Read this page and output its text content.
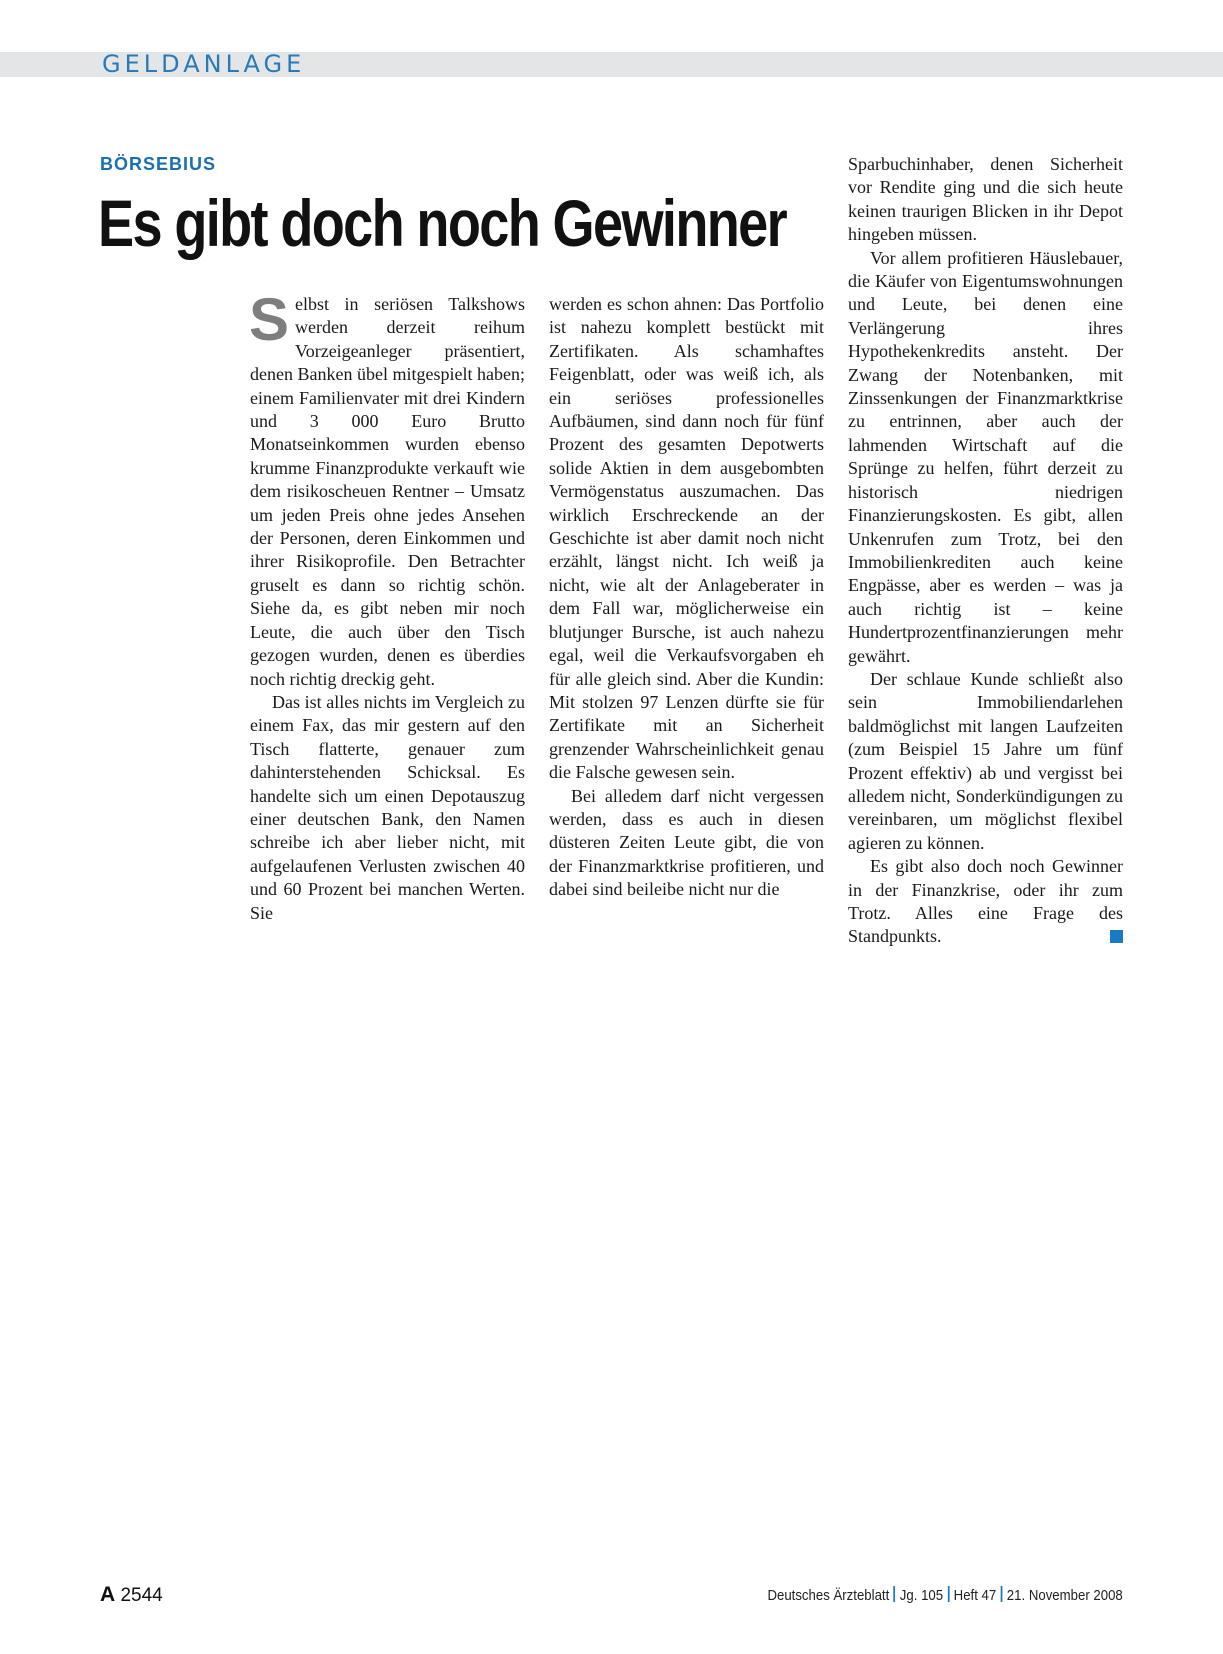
GELDANLAGE
BÖRSEBIUS
Es gibt doch noch Gewinner

Selbst in seriösen Talkshows werden derzeit reihum Vorzeigeanleger präsentiert, denen Banken übel mitgespielt haben; einem Familienvater mit drei Kindern und 3 000 Euro Brutto Monatseinkommen wurden ebenso krumme Finanzprodukte verkauft wie dem risikoscheuen Rentner – Umsatz um jeden Preis ohne jedes Ansehen der Personen, deren Einkommen und ihrer Risikoprofile. Den Betrachter gruselt es dann so richtig schön. Siehe da, es gibt neben mir noch Leute, die auch über den Tisch gezogen wurden, denen es überdies noch richtig dreckig geht.

Das ist alles nichts im Vergleich zu einem Fax, das mir gestern auf den Tisch flatterte, genauer zum dahinterstehenden Schicksal. Es handelte sich um einen Depotauszug einer deutschen Bank, den Namen schreibe ich aber lieber nicht, mit aufgelaufenen Verlusten zwischen 40 und 60 Prozent bei manchen Werten. Sie

werden es schon ahnen: Das Portfolio ist nahezu komplett bestückt mit Zertifikaten. Als schamhaftes Feigenblatt, oder was weiß ich, als ein seriöses professionelles Aufbäumen, sind dann noch für fünf Prozent des gesamten Depotwerts solide Aktien in dem ausgebombten Vermögenstatus auszumachen. Das wirklich Erschreckende an der Geschichte ist aber damit noch nicht erzählt, längst nicht. Ich weiß ja nicht, wie alt der Anlageberater in dem Fall war, möglicherweise ein blutjunger Bursche, ist auch nahezu egal, weil die Verkaufsvorgaben eh für alle gleich sind. Aber die Kundin: Mit stolzen 97 Lenzen dürfte sie für Zertifikate mit an Sicherheit grenzender Wahrscheinlichkeit genau die Falsche gewesen sein.

Bei alledem darf nicht vergessen werden, dass es auch in diesen düsteren Zeiten Leute gibt, die von der Finanzmarktkrise profitieren, und dabei sind beileibe nicht nur die

Sparbuchinhaber, denen Sicherheit vor Rendite ging und die sich heute keinen traurigen Blicken in ihr Depot hingeben müssen.

Vor allem profitieren Häuslebauer, die Käufer von Eigentumswohnungen und Leute, bei denen eine Verlängerung ihres Hypothekenkredits ansteht. Der Zwang der Notenbanken, mit Zinssenkungen der Finanzmarktkrise zu entrinnen, aber auch der lahmenden Wirtschaft auf die Sprünge zu helfen, führt derzeit zu historisch niedrigen Finanzierungskosten. Es gibt, allen Unkenrufen zum Trotz, bei den Immobilienkrediten auch keine Engpässe, aber es werden – was ja auch richtig ist – keine Hundertprozentfinanzierungen mehr gewährt.

Der schlaue Kunde schließt also sein Immobiliendarlehen baldmöglichst mit langen Laufzeiten (zum Beispiel 15 Jahre um fünf Prozent effektiv) ab und vergisst bei alledem nicht, Sonderkündigungen zu vereinbaren, um möglichst flexibel agieren zu können.

Es gibt also doch noch Gewinner in der Finanzkrise, oder ihr zum Trotz. Alles eine Frage des Standpunkts.

A 2544	Deutsches Ärzteblatt Jg. 105 Heft 47 21. November 2008
